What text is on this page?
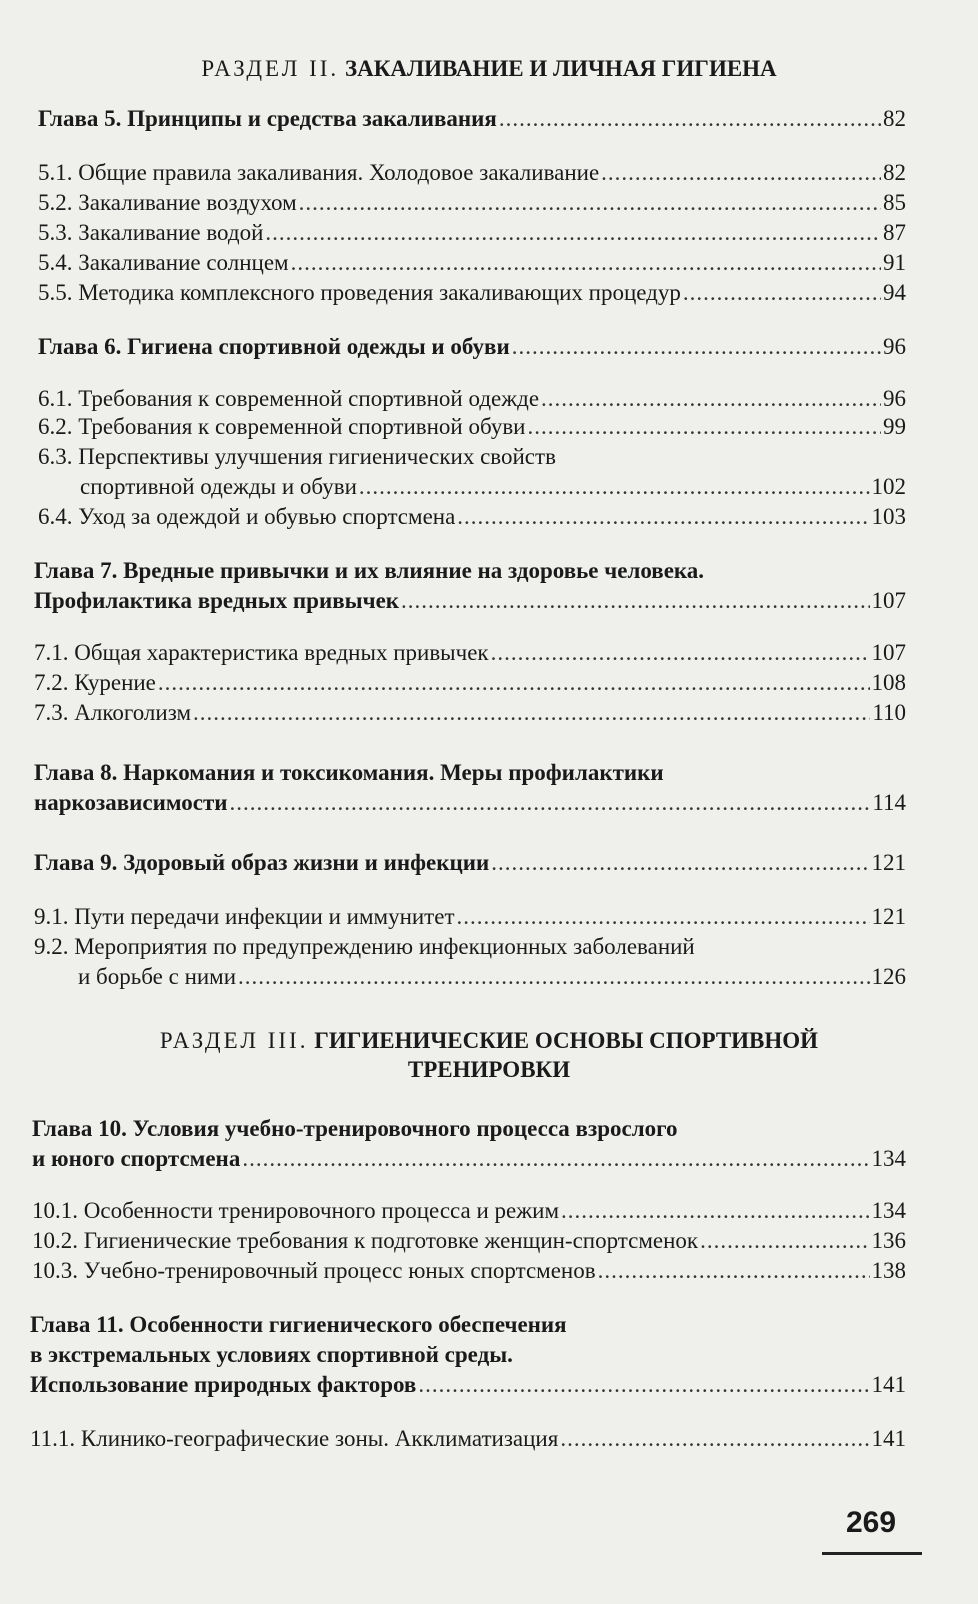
РАЗДЕЛ II. ЗАКАЛИВАНИЕ И ЛИЧНАЯ ГИГИЕНА
Глава 5. Принципы и средства закаливания .....	82
5.1. Общие правила закаливания. Холодовое закаливание .....	82
5.2. Закаливание воздухом .....	85
5.3. Закаливание водой .....	87
5.4. Закаливание солнцем .....	91
5.5. Методика комплексного проведения закаливающих процедур .....	94
Глава 6. Гигиена спортивной одежды и обуви .....	96
6.1. Требования к современной спортивной одежде .....	96
6.2. Требования к современной спортивной обуви .....	99
6.3. Перспективы улучшения гигиенических свойств
спортивной одежды и обуви .....	102
6.4. Уход за одеждой и обувью спортсмена .....	103
Глава 7. Вредные привычки и их влияние на здоровье человека.
Профилактика вредных привычек .....	107
7.1. Общая характеристика вредных привычек .....	107
7.2. Курение .....	108
7.3. Алкоголизм .....	110
Глава 8. Наркомания и токсикомания. Меры профилактики
наркозависимости .....	114
Глава 9. Здоровый образ жизни и инфекции .....	121
9.1. Пути передачи инфекции и иммунитет .....	121
9.2. Мероприятия по предупреждению инфекционных заболеваний
и борьбе с ними .....	126
РАЗДЕЛ III. ГИГИЕНИЧЕСКИЕ ОСНОВЫ СПОРТИВНОЙ
ТРЕНИРОВКИ
Глава 10. Условия учебно-тренировочного процесса взрослого
и юного спортсмена .....	134
10.1. Особенности тренировочного процесса и режим .....	134
10.2. Гигиенические требования к подготовке женщин-спортсменок .....	136
10.3. Учебно-тренировочный процесс юных спортсменов .....	138
Глава 11. Особенности гигиенического обеспечения
в экстремальных условиях спортивной среды.
Использование природных факторов .....	141
11.1. Клинико-географические зоны. Акклиматизация .....	141
269
